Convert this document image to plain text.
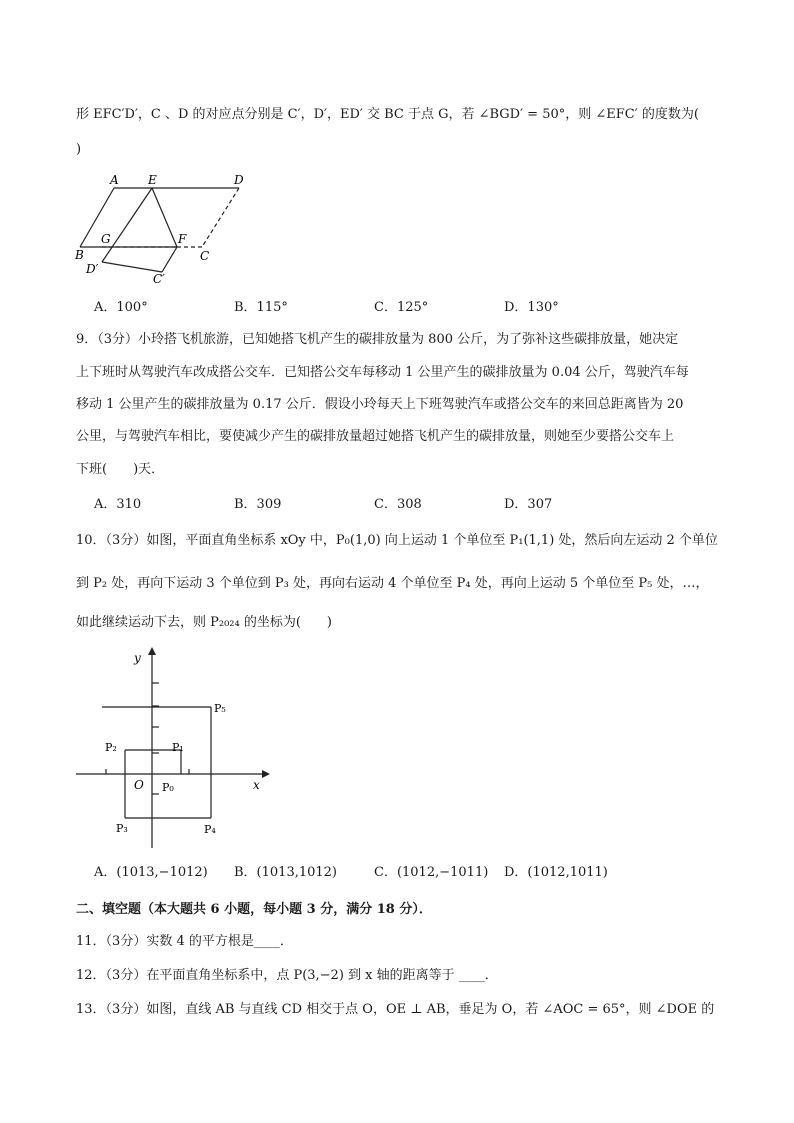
形 EFC′D′，C 、D 的对应点分别是 C′，D′，ED′ 交 BC 于点 G，若 ∠BGD′ = 50°，则 ∠EFC′ 的度数为(
)
A E	D
G	F
B	C
D′
C′
A．100°	B．115°	C．125°	D．130°
9．（3分）小玲搭飞机旅游，已知她搭飞机产生的碳排放量为 800 公斤，为了弥补这些碳排放量，她决定
上下班时从驾驶汽车改成搭公交车．已知搭公交车每移动 1 公里产生的碳排放量为 0.04 公斤，驾驶汽车每
移动 1 公里产生的碳排放量为 0.17 公斤．假设小玲每天上下班驾驶汽车或搭公交车的来回总距离皆为 20
公里，与驾驶汽车相比，要使减少产生的碳排放量超过她搭飞机产生的碳排放量，则她至少要搭公交车上
下班(　　)天．
A．310	B．309	C．308	D．307
10．（3分）如图，平面直角坐标系 xOy 中，P₀(1,0) 向上运动 1 个单位至 P₁(1,1) 处，然后向左运动 2 个单位
到 P₂ 处，再向下运动 3 个单位到 P₃ 处，再向右运动 4 个单位至 P₄ 处，再向上运动 5 个单位至 P₅ 处，…，
如此继续运动下去，则 P₂₀₂₄ 的坐标为(　　)
y
x
O P₀
P₁
P₂
P₃	P₄
P₅
A．(1013,−1012) B．(1013,1012)	C．(1012,−1011) D．(1012,1011)
二、填空题（本大题共 6 小题，每小题 3 分，满分 18 分）．
11．（3分）实数 4 的平方根是____．
12．（3分）在平面直角坐标系中，点 P(3,−2) 到 x 轴的距离等于 ____．
13．（3分）如图，直线 AB 与直线 CD 相交于点 O，OE ⊥ AB，垂足为 O，若 ∠AOC = 65°，则 ∠DOE 的
